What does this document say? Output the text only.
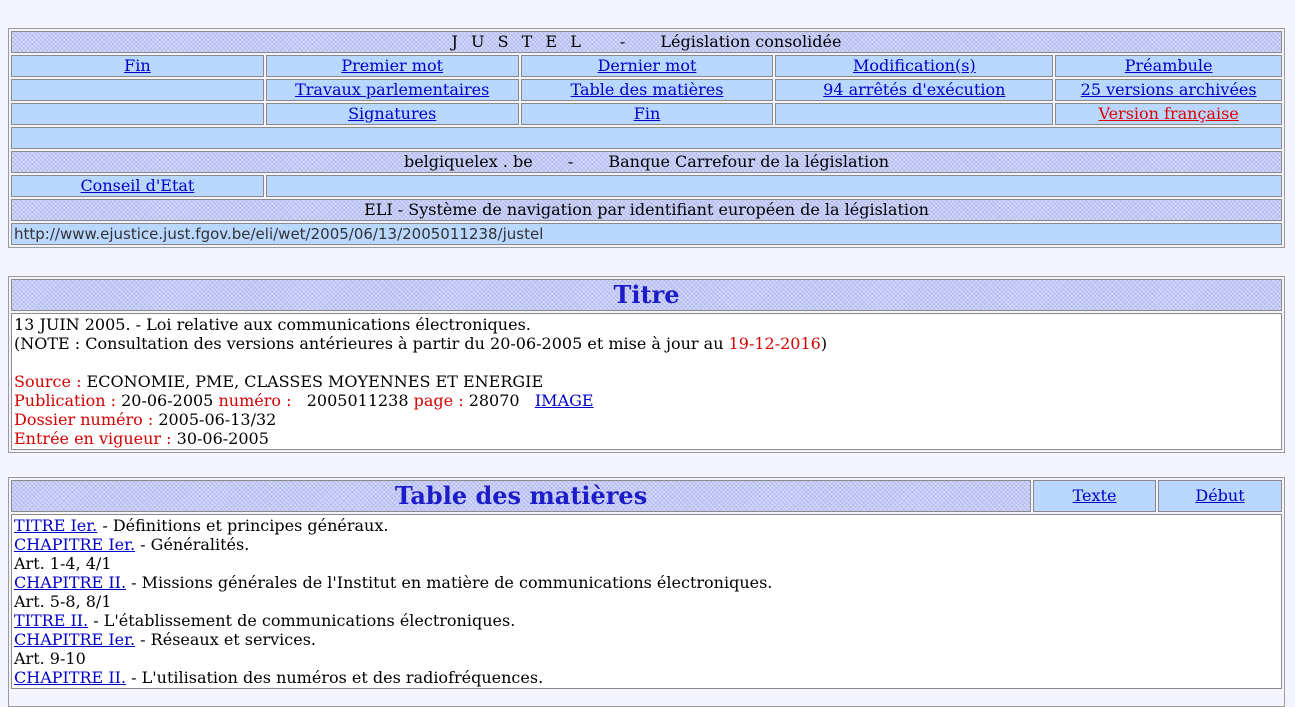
J U S T E L - Législation consolidée				
Fin	Premier mot	Dernier mot	Modification(s)	Préambule
	Travaux parlementaires	Table des matières	94 arrêtés d'exécution	25 versions archivées
	Signatures	Fin		Version française

belgiquelex . be - Banque Carrefour de la législation				
Conseil d'Etat				
ELI - Système de navigation par identifiant européen de la législation				
http://www.ejustice.just.fgov.be/eli/wet/2005/06/13/2005011238/justel				
Titre

13 JUIN 2005. - Loi relative aux communications électroniques.
(NOTE : Consultation des versions antérieures à partir du 20-06-2005 et mise à jour au 19-12-2016)

Source : ECONOMIE, PME, CLASSES MOYENNES ET ENERGIE
Publication : 20-06-2005 numéro : 2005011238 page : 28070 IMAGE
Dossier numéro : 2005-06-13/32
Entrée en vigueur : 30-06-2005
Table des matières	Texte	Début

TITRE Ier. - Définitions et principes généraux.
CHAPITRE Ier. - Généralités.
Art. 1-4, 4/1
CHAPITRE II. - Missions générales de l'Institut en matière de communications électroniques.
Art. 5-8, 8/1
TITRE II. - L'établissement de communications électroniques.
CHAPITRE Ier. - Réseaux et services.
Art. 9-10
CHAPITRE II. - L'utilisation des numéros et des radiofréquences.
